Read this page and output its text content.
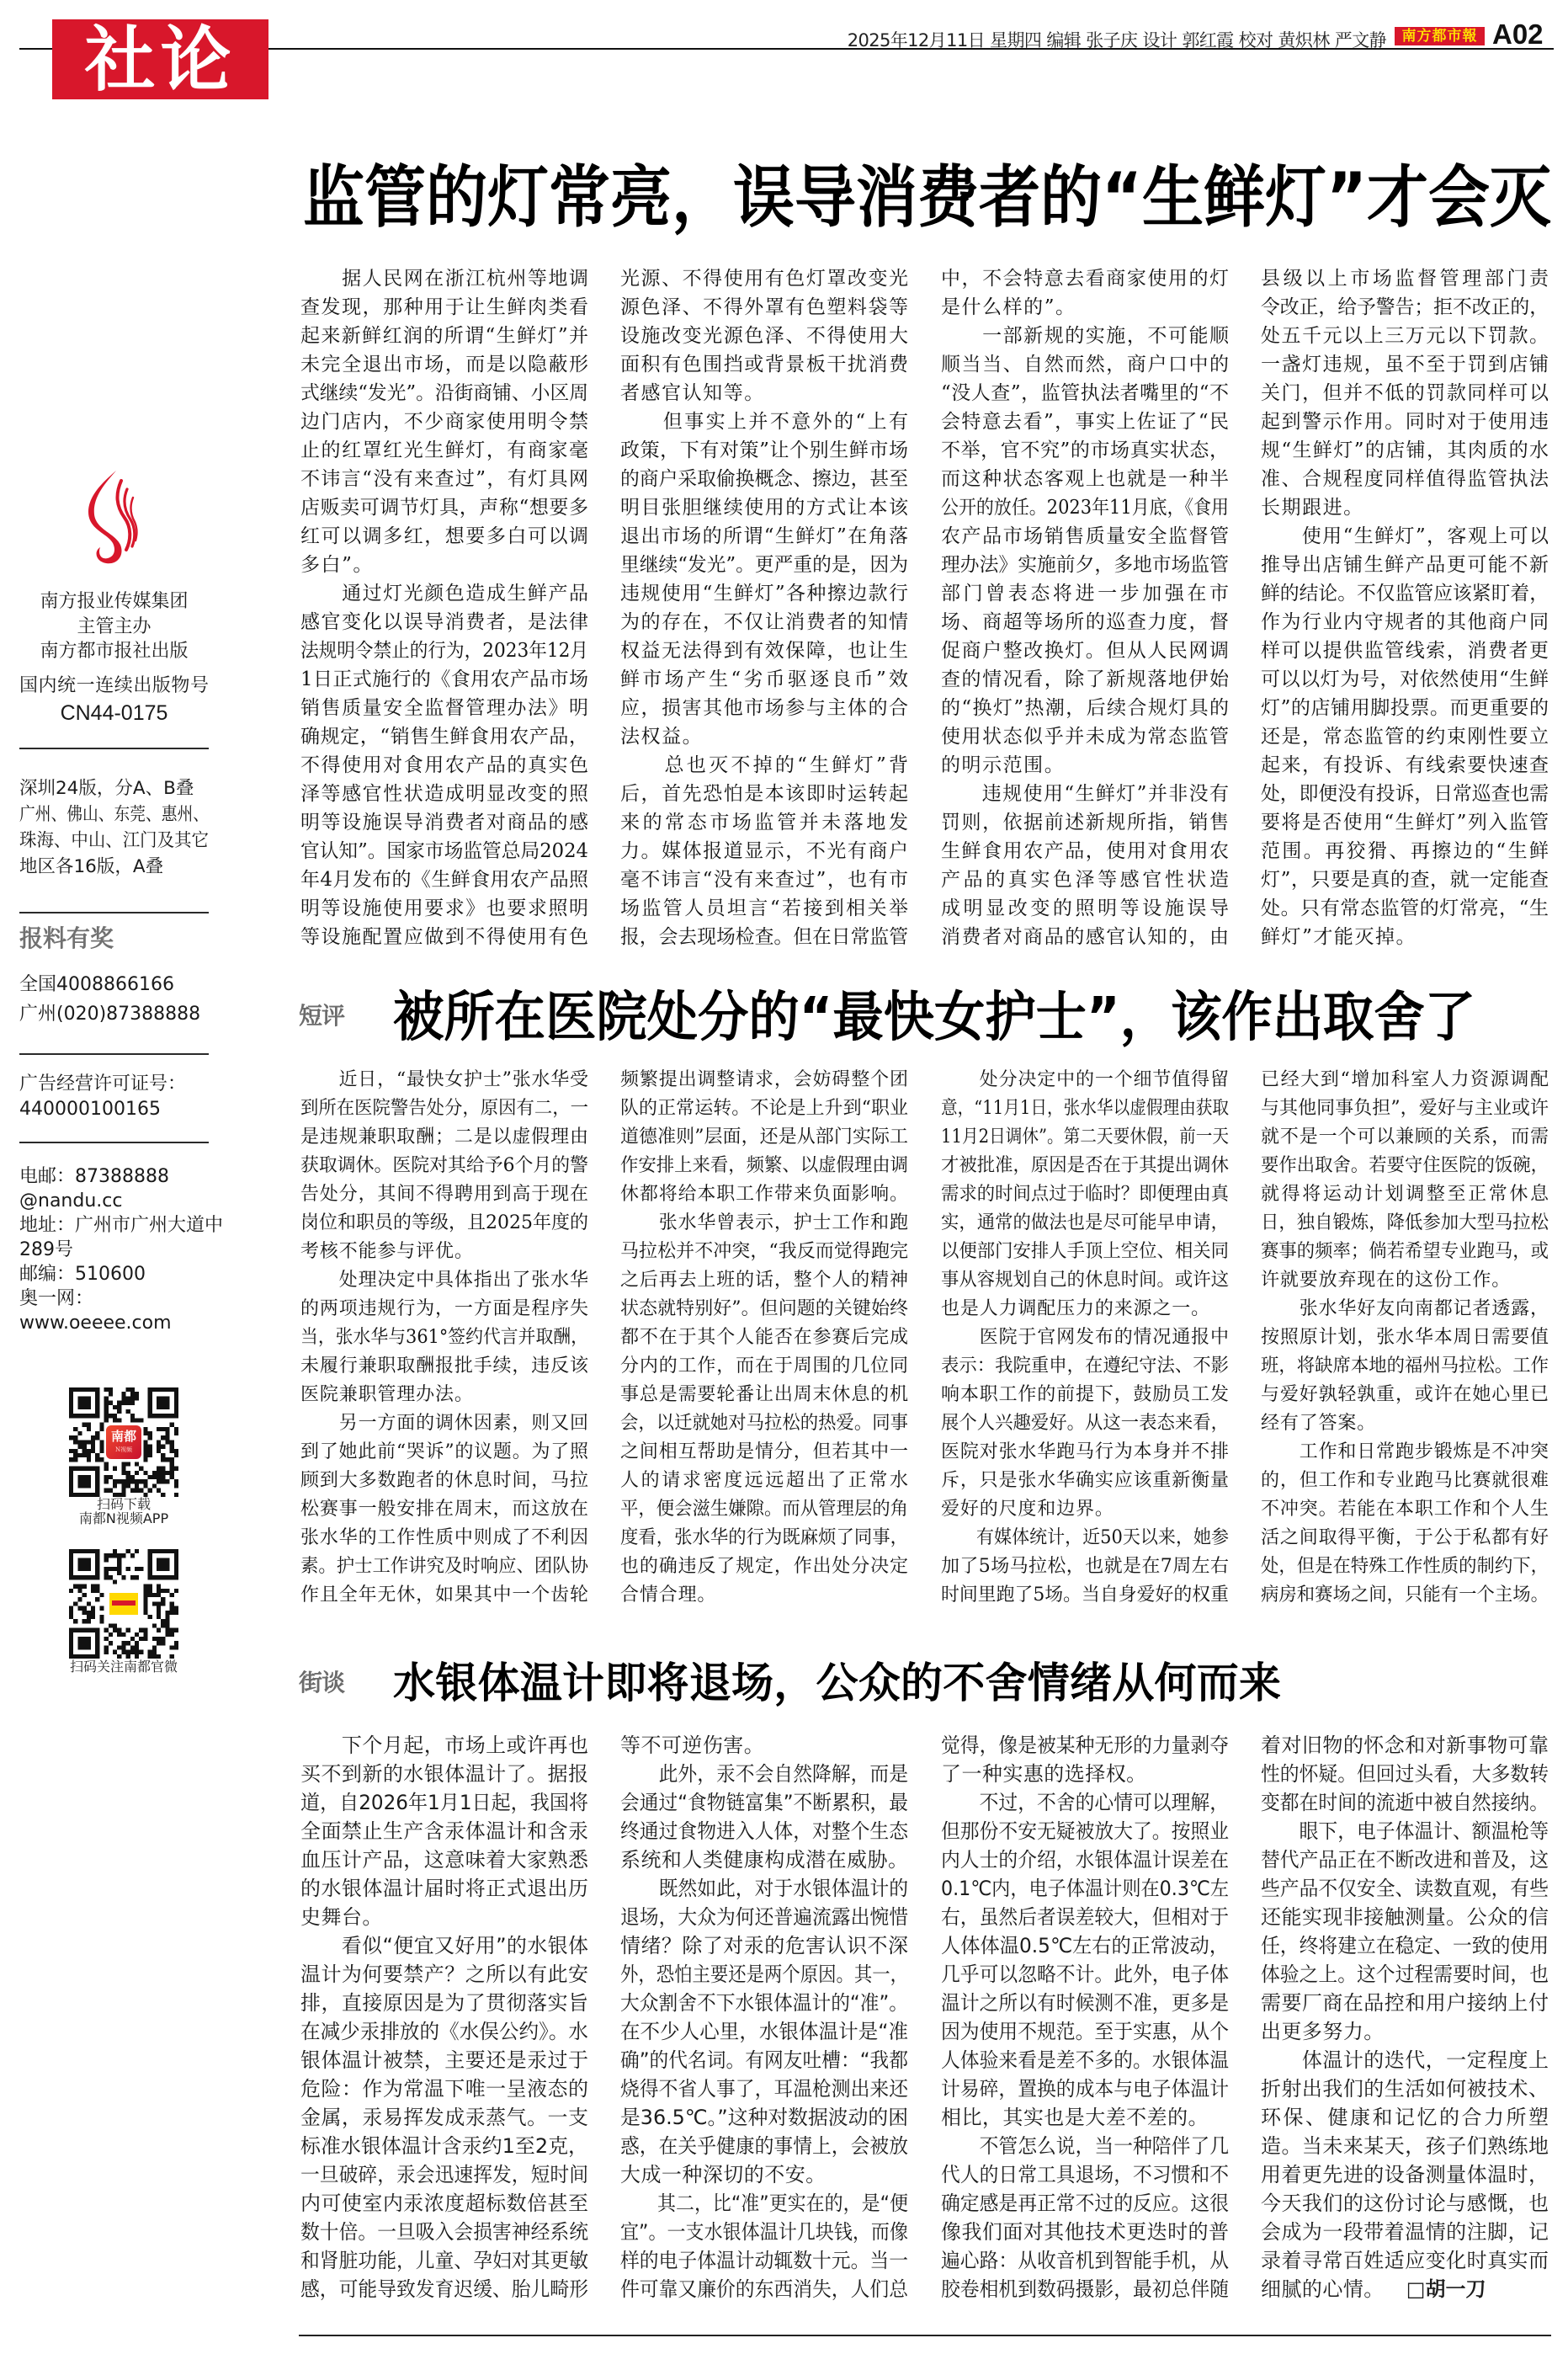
社论	2025年12月11日 星期四 编辑 张子庆 设计 郭红霞 校对 黄炽林 严文静	南方都市報 A02
南方报业传媒集团
主管主办
南方都市报社出版
国内统一连续出版物号
CN44-0175
深圳24版，分A、B叠
广州、佛山、东莞、惠州、
珠海、中山、江门及其它
地区各16版，A叠
报料有奖
全国4008866166
广州(020)87388888
广告经营许可证号：
440000100165
电邮：87388888
@nandu.cc
地址：广州市广州大道中
289号
邮编：510600
奥一网：
www.oeeee.com
南都
N视频
扫码下载
南都N视频APP
扫码关注南都官微
监管的灯常亮，误导消费者的“生鲜灯”才会灭
　　据人民网在浙江杭州等地调
查发现，那种用于让生鲜肉类看
起来新鲜红润的所谓“生鲜灯”并
未完全退出市场，而是以隐蔽形
式继续“发光”。沿街商铺、小区周
边门店内，不少商家使用明令禁
止的红罩红光生鲜灯，有商家毫
不讳言“没有来查过”，有灯具网
店贩卖可调节灯具，声称“想要多
红可以调多红，想要多白可以调
多白”。
　　通过灯光颜色造成生鲜产品
感官变化以误导消费者，是法律
法规明令禁止的行为，2023年12月
1日正式施行的《食用农产品市场
销售质量安全监督管理办法》明
确规定，“销售生鲜食用农产品，
不得使用对食用农产品的真实色
泽等感官性状造成明显改变的照
明等设施误导消费者对商品的感
官认知”。国家市场监管总局2024
年4月发布的《生鲜食用农产品照
明等设施使用要求》也要求照明
等设施配置应做到不得使用有色
光源、不得使用有色灯罩改变光
源色泽、不得外罩有色塑料袋等
设施改变光源色泽、不得使用大
面积有色围挡或背景板干扰消费
者感官认知等。
　　但事实上并不意外的“上有
政策，下有对策”让个别生鲜市场
的商户采取偷换概念、擦边，甚至
明目张胆继续使用的方式让本该
退出市场的所谓“生鲜灯”在角落
里继续“发光”。更严重的是，因为
违规使用“生鲜灯”各种擦边款行
为的存在，不仅让消费者的知情
权益无法得到有效保障，也让生
鲜市场产生“劣币驱逐良币”效
应，损害其他市场参与主体的合
法权益。
　　总也灭不掉的“生鲜灯”背
后，首先恐怕是本该即时运转起
来的常态市场监管并未落地发
力。媒体报道显示，不光有商户
毫不讳言“没有来查过”，也有市
场监管人员坦言“若接到相关举
报，会去现场检查。但在日常监管
中，不会特意去看商家使用的灯
是什么样的”。
　　一部新规的实施，不可能顺
顺当当、自然而然，商户口中的
“没人查”，监管执法者嘴里的“不
会特意去看”，事实上佐证了“民
不举，官不究”的市场真实状态，
而这种状态客观上也就是一种半
公开的放任。2023年11月底，《食用
农产品市场销售质量安全监督管
理办法》实施前夕，多地市场监管
部门曾表态将进一步加强在市
场、商超等场所的巡查力度，督
促商户整改换灯。但从人民网调
查的情况看，除了新规落地伊始
的“换灯”热潮，后续合规灯具的
使用状态似乎并未成为常态监管
的明示范围。
　　违规使用“生鲜灯”并非没有
罚则，依据前述新规所指，销售
生鲜食用农产品，使用对食用农
产品的真实色泽等感官性状造
成明显改变的照明等设施误导
消费者对商品的感官认知的，由
县级以上市场监督管理部门责
令改正，给予警告；拒不改正的，
处五千元以上三万元以下罚款。
一盏灯违规，虽不至于罚到店铺
关门，但并不低的罚款同样可以
起到警示作用。同时对于使用违
规“生鲜灯”的店铺，其肉质的水
准、合规程度同样值得监管执法
长期跟进。
　　使用“生鲜灯”，客观上可以
推导出店铺生鲜产品更可能不新
鲜的结论。不仅监管应该紧盯着，
作为行业内守规者的其他商户同
样可以提供监管线索，消费者更
可以以灯为号，对依然使用“生鲜
灯”的店铺用脚投票。而更重要的
还是，常态监管的约束刚性要立
起来，有投诉、有线索要快速查
处，即便没有投诉，日常巡查也需
要将是否使用“生鲜灯”列入监管
范围。再狡猾、再擦边的“生鲜
灯”，只要是真的查，就一定能查
处。只有常态监管的灯常亮，“生
鲜灯”才能灭掉。
短评 被所在医院处分的“最快女护士”，该作出取舍了
　　近日，“最快女护士”张水华受
到所在医院警告处分，原因有二，一
是违规兼职取酬；二是以虚假理由
获取调休。医院对其给予6个月的警
告处分，其间不得聘用到高于现在
岗位和职员的等级，且2025年度的
考核不能参与评优。
　　处理决定中具体指出了张水华
的两项违规行为，一方面是程序失
当，张水华与361°签约代言并取酬，
未履行兼职取酬报批手续，违反该
医院兼职管理办法。
　　另一方面的调休因素，则又回
到了她此前“哭诉”的议题。为了照
顾到大多数跑者的休息时间，马拉
松赛事一般安排在周末，而这放在
张水华的工作性质中则成了不利因
素。护士工作讲究及时响应、团队协
作且全年无休，如果其中一个齿轮
频繁提出调整请求，会妨碍整个团
队的正常运转。不论是上升到“职业
道德准则”层面，还是从部门实际工
作安排上来看，频繁、以虚假理由调
休都将给本职工作带来负面影响。
　　张水华曾表示，护士工作和跑
马拉松并不冲突，“我反而觉得跑完
之后再去上班的话，整个人的精神
状态就特别好”。但问题的关键始终
都不在于其个人能否在参赛后完成
分内的工作，而在于周围的几位同
事总是需要轮番让出周末休息的机
会，以迁就她对马拉松的热爱。同事
之间相互帮助是情分，但若其中一
人的请求密度远远超出了正常水
平，便会滋生嫌隙。而从管理层的角
度看，张水华的行为既麻烦了同事，
也的确违反了规定，作出处分决定
合情合理。
　　处分决定中的一个细节值得留
意，“11月1日，张水华以虚假理由获取
11月2日调休”。第二天要休假，前一天
才被批准，原因是否在于其提出调休
需求的时间点过于临时？即便理由真
实，通常的做法也是尽可能早申请，
以便部门安排人手顶上空位、相关同
事从容规划自己的休息时间。或许这
也是人力调配压力的来源之一。
　　医院于官网发布的情况通报中
表示：我院重申，在遵纪守法、不影
响本职工作的前提下，鼓励员工发
展个人兴趣爱好。从这一表态来看，
医院对张水华跑马行为本身并不排
斥，只是张水华确实应该重新衡量
爱好的尺度和边界。
　　有媒体统计，近50天以来，她参
加了5场马拉松，也就是在7周左右
时间里跑了5场。当自身爱好的权重
已经大到“增加科室人力资源调配
与其他同事负担”，爱好与主业或许
就不是一个可以兼顾的关系，而需
要作出取舍。若要守住医院的饭碗，
就得将运动计划调整至正常休息
日，独自锻炼，降低参加大型马拉松
赛事的频率；倘若希望专业跑马，或
许就要放弃现在的这份工作。
　　张水华好友向南都记者透露，
按照原计划，张水华本周日需要值
班，将缺席本地的福州马拉松。工作
与爱好孰轻孰重，或许在她心里已
经有了答案。
　　工作和日常跑步锻炼是不冲突
的，但工作和专业跑马比赛就很难
不冲突。若能在本职工作和个人生
活之间取得平衡，于公于私都有好
处，但是在特殊工作性质的制约下，
病房和赛场之间，只能有一个主场。
街谈 水银体温计即将退场，公众的不舍情绪从何而来
　　下个月起，市场上或许再也
买不到新的水银体温计了。据报
道，自2026年1月1日起，我国将
全面禁止生产含汞体温计和含汞
血压计产品，这意味着大家熟悉
的水银体温计届时将正式退出历
史舞台。
　　看似“便宜又好用”的水银体
温计为何要禁产？之所以有此安
排，直接原因是为了贯彻落实旨
在减少汞排放的《水俣公约》。水
银体温计被禁，主要还是汞过于
危险：作为常温下唯一呈液态的
金属，汞易挥发成汞蒸气。一支
标准水银体温计含汞约1至2克，
一旦破碎，汞会迅速挥发，短时间
内可使室内汞浓度超标数倍甚至
数十倍。一旦吸入会损害神经系统
和肾脏功能，儿童、孕妇对其更敏
感，可能导致发育迟缓、胎儿畸形
等不可逆伤害。
　　此外，汞不会自然降解，而是
会通过“食物链富集”不断累积，最
终通过食物进入人体，对整个生态
系统和人类健康构成潜在威胁。
　　既然如此，对于水银体温计的
退场，大众为何还普遍流露出惋惜
情绪？除了对汞的危害认识不深
外，恐怕主要还是两个原因。其一，
大众割舍不下水银体温计的“准”。
在不少人心里，水银体温计是“准
确”的代名词。有网友吐槽：“我都
烧得不省人事了，耳温枪测出来还
是36.5℃。”这种对数据波动的困
惑，在关乎健康的事情上，会被放
大成一种深切的不安。
　　其二，比“准”更实在的，是“便
宜”。一支水银体温计几块钱，而像
样的电子体温计动辄数十元。当一
件可靠又廉价的东西消失，人们总
觉得，像是被某种无形的力量剥夺
了一种实惠的选择权。
　　不过，不舍的心情可以理解，
但那份不安无疑被放大了。按照业
内人士的介绍，水银体温计误差在
0.1℃内，电子体温计则在0.3℃左
右，虽然后者误差较大，但相对于
人体体温0.5℃左右的正常波动，
几乎可以忽略不计。此外，电子体
温计之所以有时候测不准，更多是
因为使用不规范。至于实惠，从个
人体验来看是差不多的。水银体温
计易碎，置换的成本与电子体温计
相比，其实也是大差不差的。
　　不管怎么说，当一种陪伴了几
代人的日常工具退场，不习惯和不
确定感是再正常不过的反应。这很
像我们面对其他技术更迭时的普
遍心路：从收音机到智能手机，从
胶卷相机到数码摄影，最初总伴随
着对旧物的怀念和对新事物可靠
性的怀疑。但回过头看，大多数转
变都在时间的流逝中被自然接纳。
　　眼下，电子体温计、额温枪等
替代产品正在不断改进和普及，这
些产品不仅安全、读数直观，有些
还能实现非接触测量。公众的信
任，终将建立在稳定、一致的使用
体验之上。这个过程需要时间，也
需要厂商在品控和用户接纳上付
出更多努力。
　　体温计的迭代，一定程度上
折射出我们的生活如何被技术、
环保、健康和记忆的合力所塑
造。当未来某天，孩子们熟练地
用着更先进的设备测量体温时，
今天我们的这份讨论与感慨，也
会成为一段带着温情的注脚，记
录着寻常百姓适应变化时真实而
细腻的心情。 □胡一刀
